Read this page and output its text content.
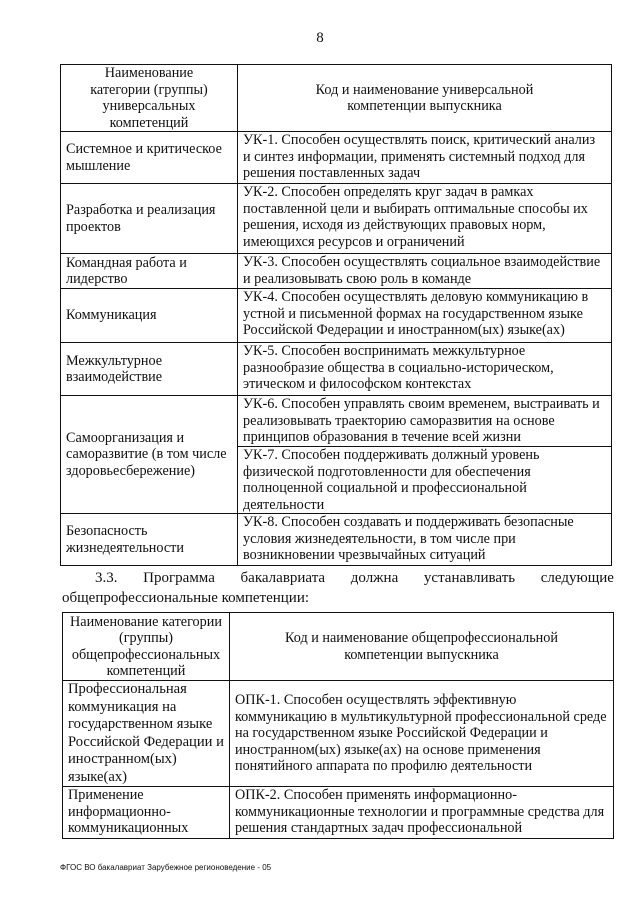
8
Наименование категории (группы) универсальных компетенций	Код и наименование универсальной компетенции выпускника
Системное и критическое мышление	УК-1. Способен осуществлять поиск, критический анализ и синтез информации, применять системный подход для решения поставленных задач
Разработка и реализация проектов	УК-2. Способен определять круг задач в рамках поставленной цели и выбирать оптимальные способы их решения, исходя из действующих правовых норм, имеющихся ресурсов и ограничений
Командная работа и лидерство	УК-3. Способен осуществлять социальное взаимодействие и реализовывать свою роль в команде
Коммуникация	УК-4. Способен осуществлять деловую коммуникацию в устной и письменной формах на государственном языке Российской Федерации и иностранном(ых) языке(ах)
Межкультурное взаимодействие	УК-5. Способен воспринимать межкультурное разнообразие общества в социально-историческом, этическом и философском контекстах
Самоорганизация и саморазвитие (в том числе здоровьесбережение)	УК-6. Способен управлять своим временем, выстраивать и реализовывать траекторию саморазвития на основе принципов образования в течение всей жизни
	УК-7. Способен поддерживать должный уровень физической подготовленности для обеспечения полноценной социальной и профессиональной деятельности
Безопасность жизнедеятельности	УК-8. Способен создавать и поддерживать безопасные условия жизнедеятельности, в том числе при возникновении чрезвычайных ситуаций
3.3. Программа бакалавриата должна устанавливать следующие
общепрофессиональные компетенции:
Наименование категории (группы) общепрофессиональных компетенций	Код и наименование общепрофессиональной компетенции выпускника
Профессиональная коммуникация на государственном языке Российской Федерации и иностранном(ых) языке(ах)	ОПК-1. Способен осуществлять эффективную коммуникацию в мультикультурной профессиональной среде на государственном языке Российской Федерации и иностранном(ых) языке(ах) на основе применения понятийного аппарата по профилю деятельности
Применение информационно-коммуникационных	ОПК-2. Способен применять информационно-коммуникационные технологии и программные средства для решения стандартных задач профессиональной
ФГОС ВО бакалавриат Зарубежное регионоведение - 05
